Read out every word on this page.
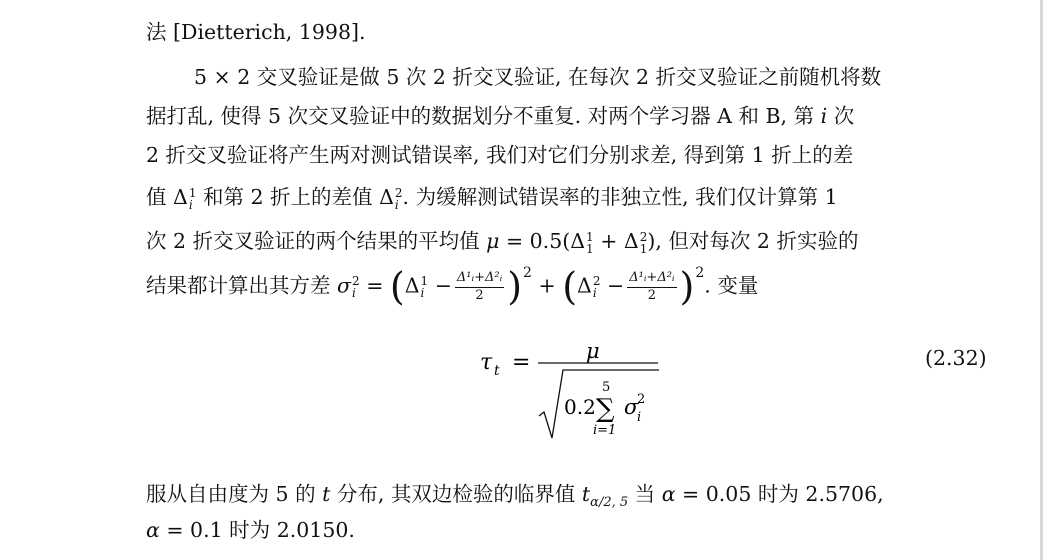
法 [Dietterich, 1998].
5 × 2 交叉验证是做 5 次 2 折交叉验证, 在每次 2 折交叉验证之前随机将数
据打乱, 使得 5 次交叉验证中的数据划分不重复. 对两个学习器 A 和 B, 第 i 次
2 折交叉验证将产生两对测试错误率, 我们对它们分别求差, 得到第 1 折上的差
值 Δ 1
i 和第 2 折上的差值 Δ 2
i . 为缓解测试错误率的非独立性, 我们仅计算第 1
次 2 折交叉验证的两个结果的平均值 μ = 0.5(Δ 1
1 + Δ 2
1 ), 但对每次 2 折实验的
结果都计算出其方差 σ 2
i = (Δ 1
$i - \frac{\text{Δ¹ᵢ+Δ²ᵢ}}{2} )^2 + (\Delta$ 2
$i - \frac{\text{Δ¹ᵢ+Δ²ᵢ}}{2} )^2$. 变量
τ t =	μ
0.2 ∑
5
i=1
σ
2
i
(2.32)
服从自由度为 5 的 t 分布, 其双边检验的临界值 $t_{\alpha/2, 5}$ 当 α = 0.05 时为 2.5706,
α = 0.1 时为 2.0150.
